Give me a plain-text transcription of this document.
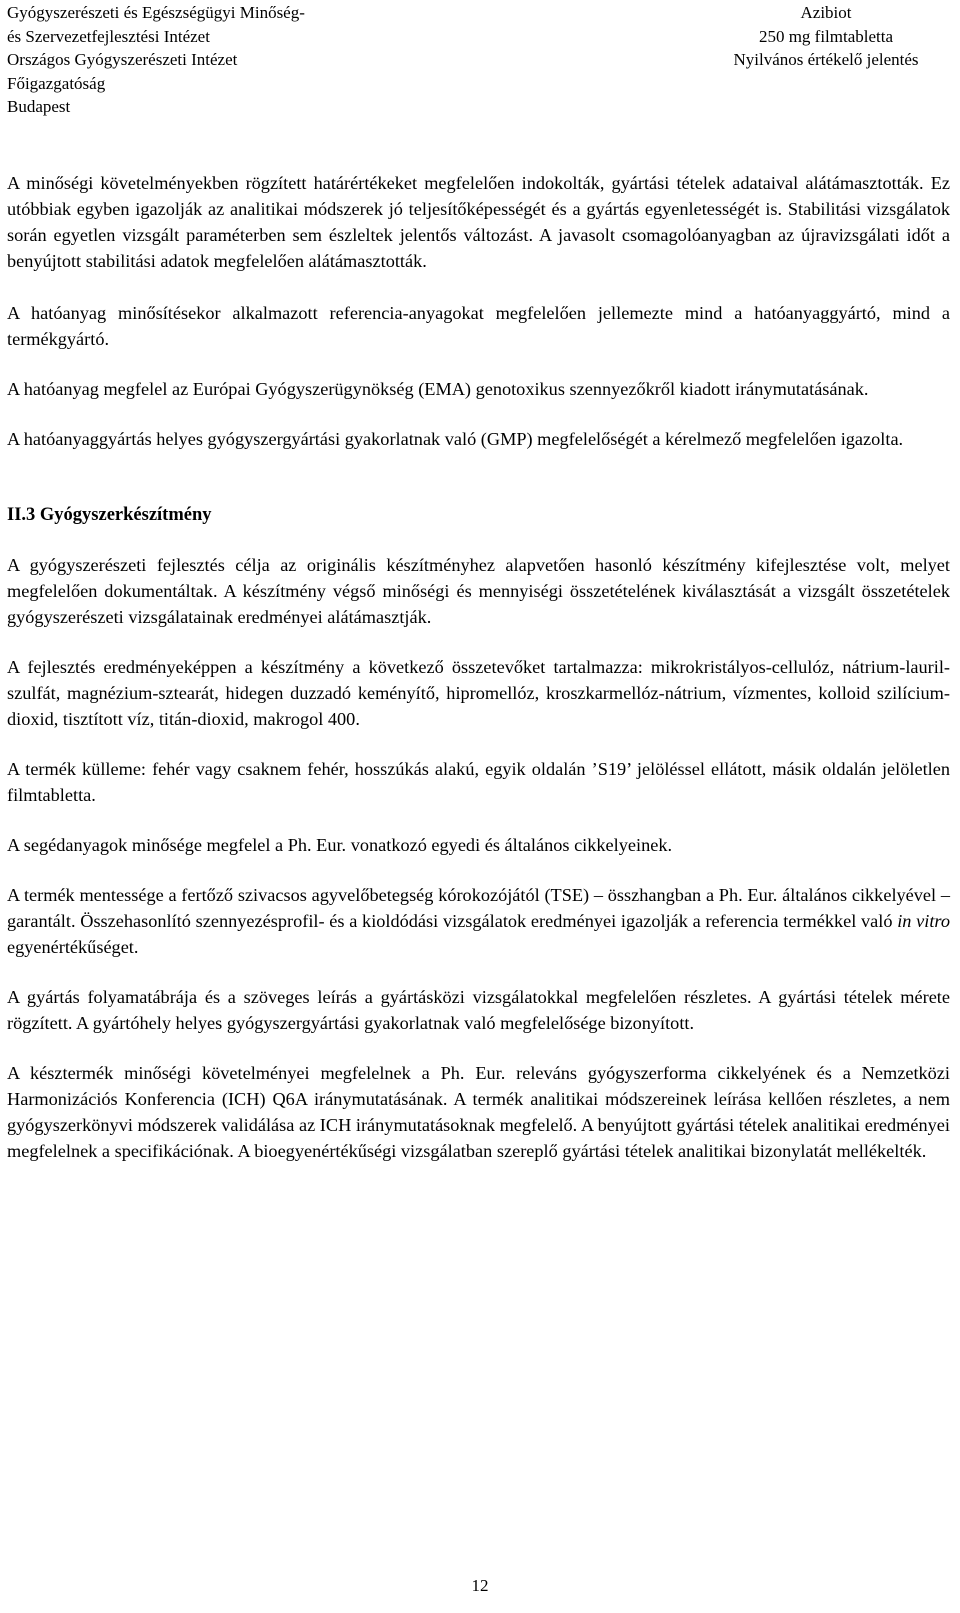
Gyógyszerészeti és Egészségügyi Minőség-
és Szervezetfejlesztési Intézet
Országos Gyógyszerészeti Intézet
Főigazgatóság
Budapest
Azibiot
250 mg filmtabletta
Nyilvános értékelő jelentés

A minőségi követelményekben rögzített határértékeket megfelelően indokolták, gyártási tételek adataival alátámasztották. Ez utóbbiak egyben igazolják az analitikai módszerek jó teljesítőképességét és a gyártás egyenletességét is. Stabilitási vizsgálatok során egyetlen vizsgált paraméterben sem észleltek jelentős változást. A javasolt csomagolóanyagban az újravizsgálati időt a benyújtott stabilitási adatok megfelelően alátámasztották.

A hatóanyag minősítésekor alkalmazott referencia-anyagokat megfelelően jellemezte mind a hatóanyaggyártó, mind a termékgyártó.

A hatóanyag megfelel az Európai Gyógyszerügynökség (EMA) genotoxikus szennyezőkről kiadott iránymutatásának.

A hatóanyaggyártás helyes gyógyszergyártási gyakorlatnak való (GMP) megfelelőségét a kérelmező megfelelően igazolta.

II.3 Gyógyszerkészítmény

A gyógyszerészeti fejlesztés célja az originális készítményhez alapvetően hasonló készítmény kifejlesztése volt, melyet megfelelően dokumentáltak. A készítmény végső minőségi és mennyiségi összetételének kiválasztását a vizsgált összetételek gyógyszerészeti vizsgálatainak eredményei alátámasztják.

A fejlesztés eredményeképpen a készítmény a következő összetevőket tartalmazza: mikrokristályos-cellulóz, nátrium-lauril-szulfát, magnézium-sztearát, hidegen duzzadó keményítő, hipromellóz, kroszkarmellóz-nátrium, vízmentes, kolloid szilícium-dioxid, tisztított víz, titán-dioxid, makrogol 400.

A termék külleme: fehér vagy csaknem fehér, hosszúkás alakú, egyik oldalán ’S19’ jelöléssel ellátott, másik oldalán jelöletlen filmtabletta.

A segédanyagok minősége megfelel a Ph. Eur. vonatkozó egyedi és általános cikkelyeinek.

A termék mentessége a fertőző szivacsos agyvelőbetegség kórokozójától (TSE) – összhangban a Ph. Eur. általános cikkelyével – garantált. Összehasonlító szennyezésprofil- és a kioldódási vizsgálatok eredményei igazolják a referencia termékkel való in vitro egyenértékűséget.

A gyártás folyamatábrája és a szöveges leírás a gyártásközi vizsgálatokkal megfelelően részletes. A gyártási tételek mérete rögzített. A gyártóhely helyes gyógyszergyártási gyakorlatnak való megfelelősége bizonyított.

A késztermék minőségi követelményei megfelelnek a Ph. Eur. releváns gyógyszerforma cikkelyének és a Nemzetközi Harmonizációs Konferencia (ICH) Q6A iránymutatásának. A termék analitikai módszereinek leírása kellően részletes, a nem gyógyszerkönyvi módszerek validálása az ICH iránymutatásoknak megfelelő. A benyújtott gyártási tételek analitikai eredményei megfelelnek a specifikációnak. A bioegyenértékűségi vizsgálatban szereplő gyártási tételek analitikai bizonylatát mellékelték.

12
